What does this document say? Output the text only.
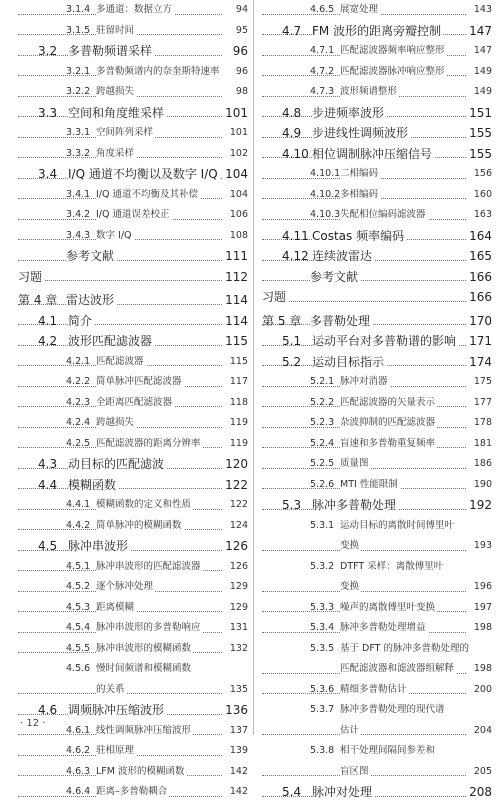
3.1.4 多通道：数据立方	94
3.1.5 驻留时间	95
3.2 多普勒频谱采样	96
3.2.1 多普勒频谱内的奈奎斯特速率 96
3.2.2 跨越损失	98
3.3 空间和角度维采样	101
3.3.1 空间阵列采样	101
3.3.2 角度采样	102
3.4 I/Q 通道不均衡以及数字 I/Q 104
3.4.1 I/Q 通道不均衡及其补偿	104
3.4.2 I/Q 通道误差校正	106
3.4.3 数字 I/Q	108
参考文献	111
习题	112
第 4 章 雷达波形	114
4.1 简介	114
4.2 波形匹配滤波器	115
4.2.1 匹配滤波器	115
4.2.2 简单脉冲匹配滤波器	117
4.2.3 全距离匹配滤波器	118
4.2.4 跨越损失	119
4.2.5 匹配滤波器的距离分辨率	119
4.3 动目标的匹配滤波	120
4.4 模糊函数	122
4.4.1 模糊函数的定义和性质	122
4.4.2 简单脉冲的模糊函数	124
4.5 脉冲串波形	126
4.5.1 脉冲串波形的匹配滤波器	126
4.5.2 逐个脉冲处理	129
4.5.3 距离模糊	129
4.5.4 脉冲串波形的多普勒响应	131
4.5.5 脉冲串波形的模糊函数	132
4.5.6 慢时间频谱和模糊函数
的关系	135
4.6 调频脉冲压缩波形	136
4.6.1 线性调频脉冲压缩波形	137
4.6.2 驻相原理	139
4.6.3 LFM 波形的模糊函数	142
4.6.4 距离–多普勒耦合	142
4.6.5 展宽处理	143
4.7 FM 波形的距离旁瓣控制 147
4.7.1 匹配滤波器频率响应整形	147
4.7.2 匹配滤波器脉冲响应整形	149
4.7.3 波形频谱整形	149
4.8 步进频率波形	151
4.9 步进线性调频波形	155
4.10 相位调制脉冲压缩信号	155
4.10.1 二相编码	156
4.10.2 多相编码	160
4.10.3 失配相位编码滤波器	163
4.11 Costas 频率编码	164
4.12 连续波雷达	165
参考文献	166
习题	166
第 5 章 多普勒处理	170
5.1 运动平台对多普勒谱的影响 171
5.2 运动目标指示	174
5.2.1 脉冲对消器	175
5.2.2 匹配滤波器的矢量表示	177
5.2.3 杂波抑制的匹配滤波器	178
5.2.4 盲速和多普勒重复频率	181
5.2.5 质量图	186
5.2.6 MTI 性能限制	190
5.3 脉冲多普勒处理	192
5.3.1 运动目标的离散时间傅里叶
变换	193
5.3.2 DTFT 采样：离散傅里叶
变换	196
5.3.3 噪声的离散傅里叶变换	197
5.3.4 脉冲多普勒处理增益	198
5.3.5 基于 DFT 的脉冲多普勒处理的
匹配滤波器和滤波器组解释 198
5.3.6 精细多普勒估计	200
5.3.7 脉冲多普勒处理的现代谱
估计	204
5.3.8 相干处理间隔间参差和
盲区图	205
5.4 脉冲对处理	208
· 12 ·
